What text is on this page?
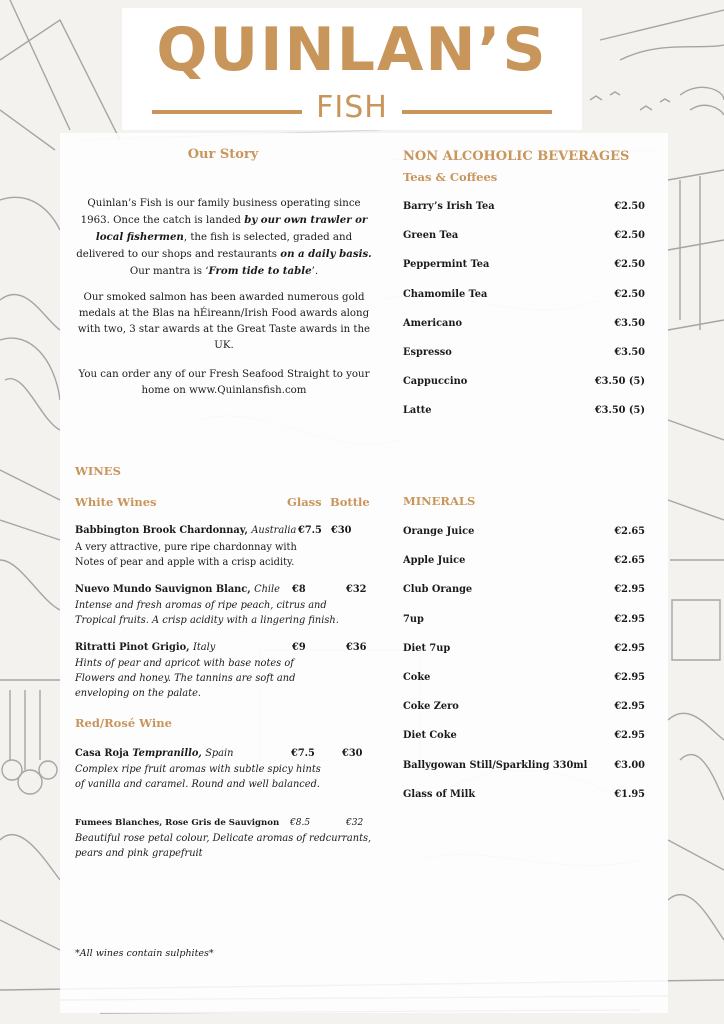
QUINLAN’S
FISH
Our Story
Quinlan’s Fish is our family business operating since 1963. Once the catch is landed by our own trawler or local fishermen, the fish is selected, graded and delivered to our shops and restaurants on a daily basis. Our mantra is ‘From tide to table’.
Our smoked salmon has been awarded numerous gold medals at the Blas na hÉireann/Irish Food awards along with two, 3 star awards at the Great Taste awards in the UK.
You can order any of our Fresh Seafood Straight to your home on www.Quinlansfish.com
WINES
White Wines	Glass Bottle
Babbington Brook Chardonnay, Australia €7.5 €30
A very attractive, pure ripe chardonnay with
Notes of pear and apple with a crisp acidity.
Nuevo Mundo Sauvignon Blanc, Chile €8	€32
Intense and fresh aromas of ripe peach, citrus and
Tropical fruits. A crisp acidity with a lingering finish.
Ritratti Pinot Grigio, Italy	€9	€36
Hints of pear and apricot with base notes of
Flowers and honey. The tannins are soft and
enveloping on the palate.
Red/Rosé Wine
Casa Roja Tempranillo, Spain	€7.5	€30
Complex ripe fruit aromas with subtle spicy hints
of vanilla and caramel. Round and well balanced.
Fumees Blanches, Rose Gris de Sauvignon €8.5	€32
Beautiful rose petal colour, Delicate aromas of redcurrants,
pears and pink grapefruit
*All wines contain sulphites*
NON ALCOHOLIC BEVERAGES
Teas & Coffees
Barry’s Irish Tea	€2.50
Green Tea	€2.50
Peppermint Tea	€2.50
Chamomile Tea	€2.50
Americano	€3.50
Espresso	€3.50
Cappuccino	€3.50 (5)
Latte	€3.50 (5)
MINERALS
Orange Juice	€2.65
Apple Juice	€2.65
Club Orange	€2.95
7up	€2.95
Diet 7up	€2.95
Coke	€2.95
Coke Zero	€2.95
Diet Coke	€2.95
Ballygowan Still/Sparkling 330ml	€3.00
Glass of Milk	€1.95
